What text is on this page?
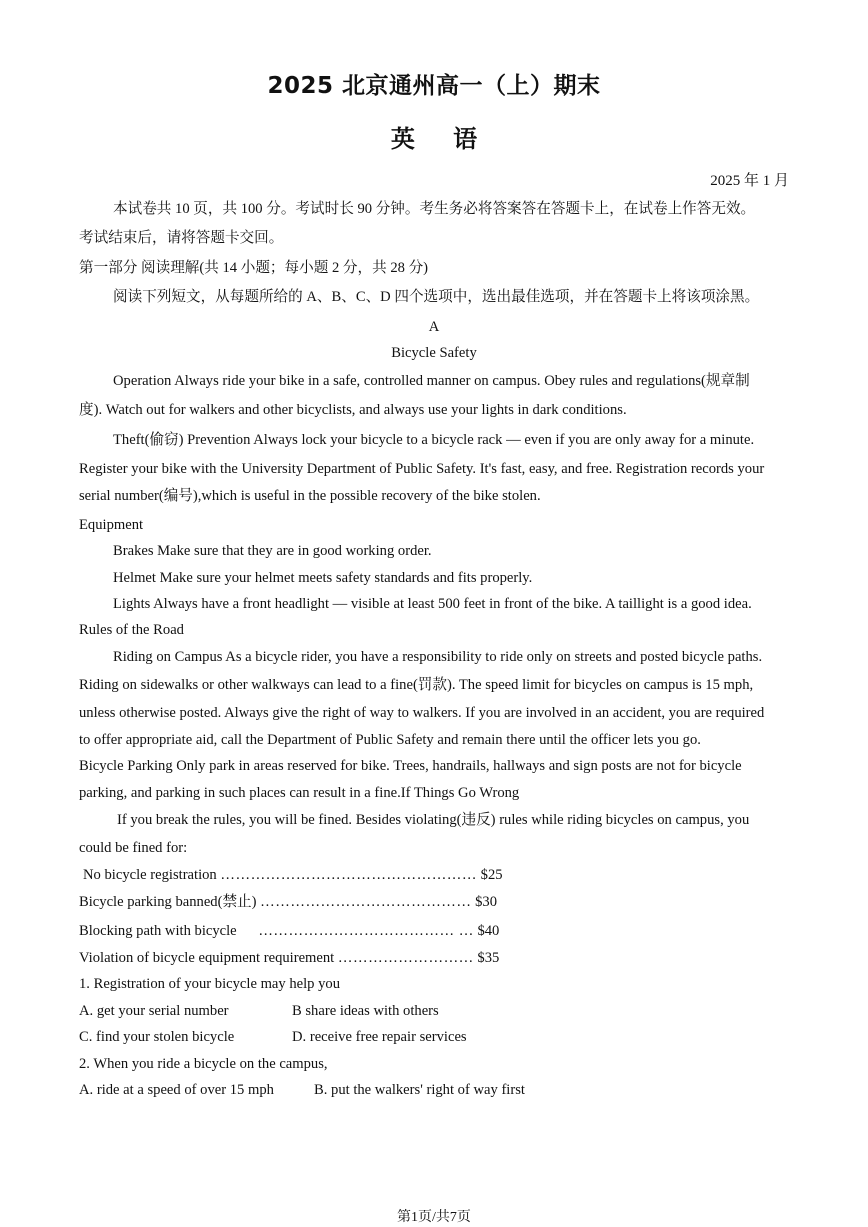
2025 北京通州高一（上）期末
英 语
2025 年 1 月
本试卷共 10 页，共 100 分。考试时长 90 分钟。考生务必将答案答在答题卡上，在试卷上作答无效。
考试结束后，请将答题卡交回。
第一部分 阅读理解(共 14 小题；每小题 2 分，共 28 分)
阅读下列短文，从每题所给的 A、B、C、D 四个选项中，选出最佳选项，并在答题卡上将该项涂黑。
A
Bicycle Safety
Operation Always ride your bike in a safe, controlled manner on campus. Obey rules and regulations(规章制
度). Watch out for walkers and other bicyclists, and always use your lights in dark conditions.
Theft(偷窃) Prevention Always lock your bicycle to a bicycle rack — even if you are only away for a minute.
Register your bike with the University Department of Public Safety. It's fast, easy, and free. Registration records your
serial number(编号),which is useful in the possible recovery of the bike stolen.
Equipment
Brakes Make sure that they are in good working order.
Helmet Make sure your helmet meets safety standards and fits properly.
Lights Always have a front headlight — visible at least 500 feet in front of the bike. A taillight is a good idea.
Rules of the Road
Riding on Campus As a bicycle rider, you have a responsibility to ride only on streets and posted bicycle paths.
Riding on sidewalks or other walkways can lead to a fine(罚款). The speed limit for bicycles on campus is 15 mph,
unless otherwise posted. Always give the right of way to walkers. If you are involved in an accident, you are required
to offer appropriate aid, call the Department of Public Safety and remain there until the officer lets you go.
Bicycle Parking Only park in areas reserved for bike. Trees, handrails, hallways and sign posts are not for bicycle
parking, and parking in such places can result in a fine.If Things Go Wrong
If you break the rules, you will be fined. Besides violating(违反) rules while riding bicycles on campus, you
could be fined for:
No bicycle registration …………………………………………… $25
Bicycle parking banned(禁止) …………………………………… $30
Blocking path with bicycle ………………………………… … $40
Violation of bicycle equipment requirement ……………………… $35
1. Registration of your bicycle may help you
A. get your serial number	B share ideas with others
C. find your stolen bicycle	D. receive free repair services
2. When you ride a bicycle on the campus,
A. ride at a speed of over 15 mph	B. put the walkers' right of way first
第1页/共7页
